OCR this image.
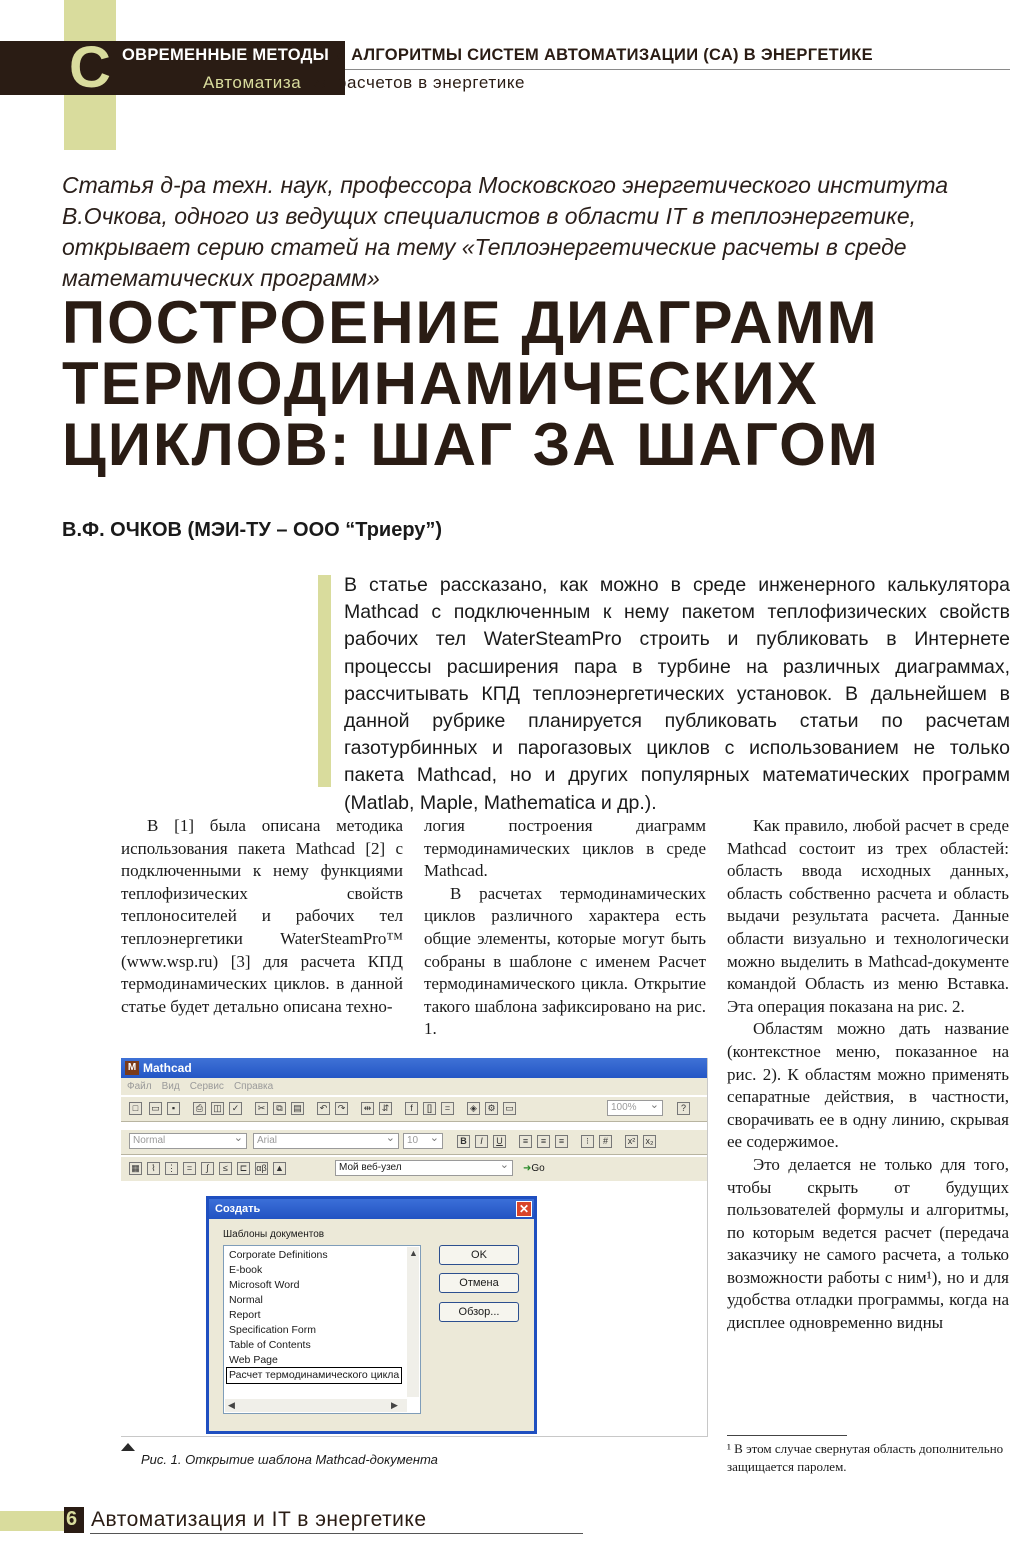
С ОВРЕМЕННЫЕ МЕТОДЫ И АЛГОРИТМЫ СИСТЕМ АВТОМАТИЗАЦИИ (СА) В ЭНЕРГЕТИКЕ
Автоматизация расчетов в энергетике
Статья д-ра техн. наук, профессора Московского энергетического института В.Очкова, одного из ведущих специалистов в области IT в теплоэнергетике, открывает серию статей на тему «Теплоэнергетические расчеты в среде математических программ»
ПОСТРОЕНИЕ ДИАГРАММ
ТЕРМОДИНАМИЧЕСКИХ
ЦИКЛОВ: ШАГ ЗА ШАГОМ
В.Ф. ОЧКОВ (МЭИ-ТУ – ООО “Триеру”)
В статье рассказано, как можно в среде инженерного калькулятора Mathcad с подключенным к нему пакетом теплофизических свойств рабочих тел WaterSteamPro строить и публиковать в Интернете процессы расширения пара в турбине на различных диаграммах, рассчитывать КПД теплоэнергетических установок. В дальнейшем в данной рубрике планируется публиковать статьи по расчетам газотурбинных и парогазовых циклов с использованием не только пакета Mathcad, но и других популярных математических программ (Matlab, Maple, Mathematica и др.).

В [1] была описана методика использования пакета Mathcad [2] с подключенными к нему функциями теплофизических свойств теплоносителей и рабочих тел теплоэнергетики WaterSteamPro™ (www.wsp.ru) [3] для расчета КПД термодинамических циклов. в данной статье будет детально описана техно-

логия построения диаграмм термодинамических циклов в среде Mathcad.

В расчетах термодинамических циклов различного характера есть общие элементы, которые могут быть собраны в шаблоне с именем Расчет термодинамического цикла. Открытие такого шаблона зафиксировано на рис. 1.

Как правило, любой расчет в среде Mathcad состоит из трех областей: область ввода исходных данных, область собственно расчета и область выдачи результата расчета. Данные области визуально и технологически можно выделить в Mathcad-документе командой Область из меню Вставка. Эта операция показана на рис. 2.

Областям можно дать название (контекстное меню, показанное на рис. 2). К областям можно применять сепаратные действия, в частности, сворачивать ее в одну линию, скрывая ее содержимое.

Это делается не только для того, чтобы скрыть от будущих пользователей формулы и алгоритмы, по которым ведется расчет (передача заказчику не самого расчета, а только возможности работы с ним¹), но и для удобства отладки программы, когда на дисплее одновременно видны

¹ В этом случае свернутая область дополнительно защищается паролем.
M Mathcad
Файл Вид Сервис Справка
□	▭	▪	⎙	◫	✓	✂	⧉	▤	↶	↷	⇹	⇵	f	[]	=	◈	⚙ ▭	100% ⌄	?
Normal ⌄	Arial ⌄	10 ⌄	B	I	U	≡	≡	≡	⁝	#	x²	x₂
▦	⌇	⋮	=	∫	≤	⊏	αβ ▲	Мой веб-узел ⌄	➜Go
Создать	✕
Шаблоны документов
Corporate Definitions
E-book
Microsoft Word
Normal
Report
Specification Form
Table of Contents
Web Page
Расчет термодинамического цикла
▲
◀	▶
OK
Отмена
Обзор...
Рис. 1. Открытие шаблона Mathcad-документа
6 Автоматизация и IT в энергетике
